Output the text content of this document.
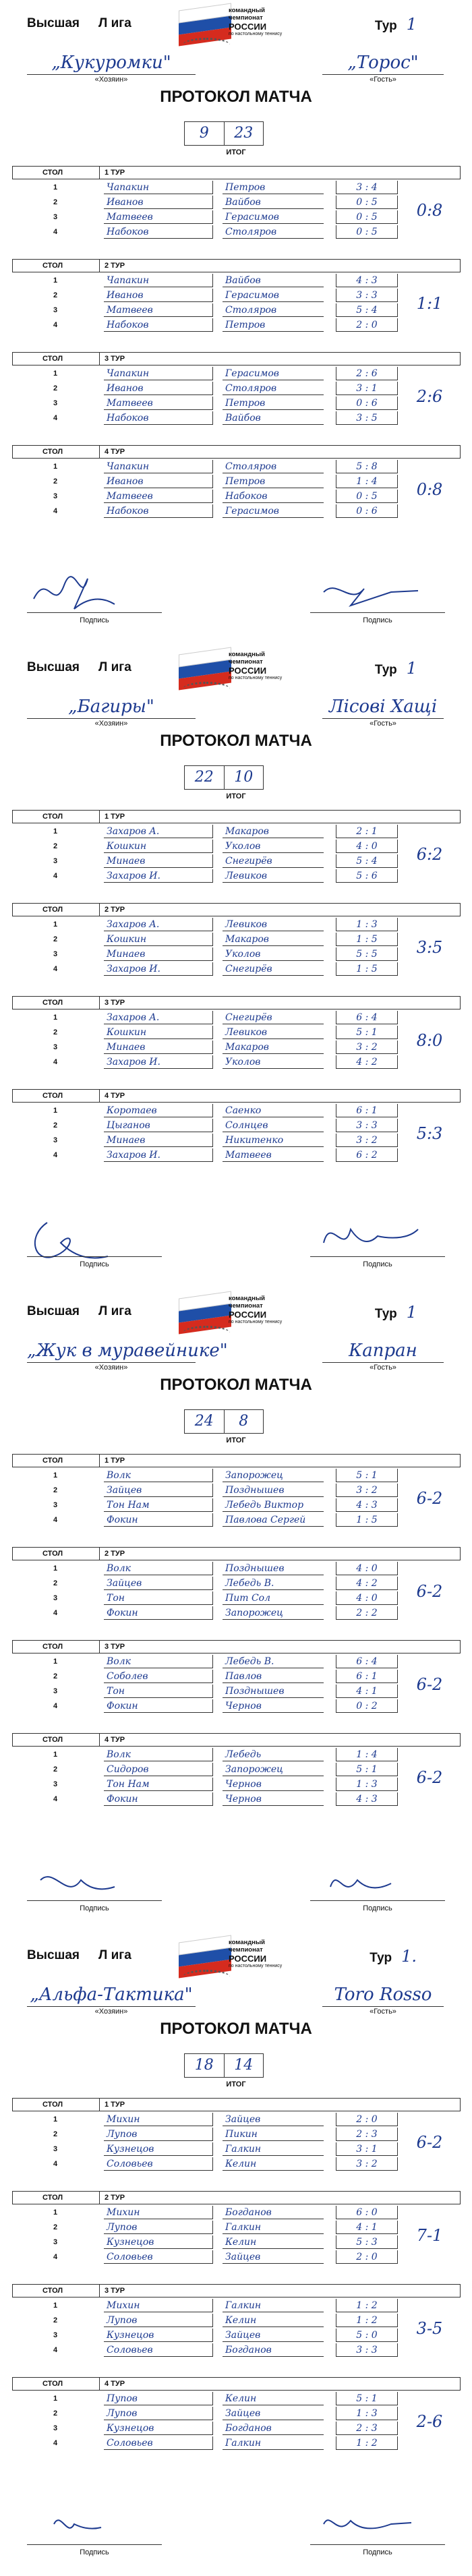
Высшая Л ига
командный
чемпионат
РОССИИ
по настольному теннису
Тур 1
„Кукуромки"
«Хозяин»
„Торос"
«Гость»
ПРОТОКОЛ МАТЧА
9	23
ИТОГ
СТОЛ	1 ТУР
1	Чапакин	Петров	3 : 4
2	Иванов	Вайбов	0 : 5
3	Матвеев	Герасимов	0 : 5
4	Набоков	Столяров	0 : 5
0:8
СТОЛ	2 ТУР
1	Чапакин	Вайбов	4 : 3
2	Иванов	Герасимов	3 : 3
3	Матвеев	Столяров	5 : 4
4	Набоков	Петров	2 : 0
1:1
СТОЛ	3 ТУР
1	Чапакин	Герасимов	2 : 6
2	Иванов	Столяров	3 : 1
3	Матвеев	Петров	0 : 6
4	Набоков	Вайбов	3 : 5
2:6
СТОЛ	4 ТУР
1	Чапакин	Столяров	5 : 8
2	Иванов	Петров	1 : 4
3	Матвеев	Набоков	0 : 5
4	Набоков	Герасимов	0 : 6
0:8
Подпись	Подпись
Высшая Л ига
командный
чемпионат
РОССИИ
по настольному теннису
Тур 1
„Багиры"
«Хозяин»
Лісові Хащі
«Гость»
ПРОТОКОЛ МАТЧА
22	10
ИТОГ
СТОЛ	1 ТУР
1	Захаров А.	Макаров	2 : 1
2	Кошкин	Уколов	4 : 0
3	Минаев	Снегирёв	5 : 4
4	Захаров И.	Левиков	5 : 6
6:2
СТОЛ	2 ТУР
1	Захаров А.	Левиков	1 : 3
2	Кошкин	Макаров	1 : 5
3	Минаев	Уколов	5 : 5
4	Захаров И.	Снегирёв	1 : 5
3:5
СТОЛ	3 ТУР
1	Захаров А.	Снегирёв	6 : 4
2	Кошкин	Левиков	5 : 1
3	Минаев	Макаров	3 : 2
4	Захаров И.	Уколов	4 : 2
8:0
СТОЛ	4 ТУР
1	Коротаев	Саенко	6 : 1
2	Цыганов	Солнцев	3 : 3
3	Минаев	Никитенко	3 : 2
4	Захаров И.	Матвеев	6 : 2
5:3
Подпись	Подпись
Высшая Л ига
командный
чемпионат
РОССИИ
по настольному теннису
Тур 1
„Жук в муравейнике"
«Хозяин»
Капран
«Гость»
ПРОТОКОЛ МАТЧА
24	8
ИТОГ
СТОЛ	1 ТУР
1	Волк	Запорожец	5 : 1
2	Зайцев	Позднышев	3 : 2
3	Тон Нам	Лебедь Виктор	4 : 3
4	Фокин	Павлова Сергей	1 : 5
6-2
СТОЛ	2 ТУР
1	Волк	Позднышев	4 : 0
2	Зайцев	Лебедь В.	4 : 2
3	Тон	Пит Сол	4 : 0
4	Фокин	Запорожец	2 : 2
6-2
СТОЛ	3 ТУР
1	Волк	Лебедь В.	6 : 4
2	Соболев	Павлов	6 : 1
3	Тон	Позднышев	4 : 1
4	Фокин	Чернов	0 : 2
6-2
СТОЛ	4 ТУР
1	Волк	Лебедь	1 : 4
2	Сидоров	Запорожец	5 : 1
3	Тон Нам	Чернов	1 : 3
4	Фокин	Чернов	4 : 3
6-2
Подпись	Подпись
Высшая Л ига
командный
чемпионат
РОССИИ
по настольному теннису
Тур 1.
„Альфа-Тактика"
«Хозяин»
Toro Rosso
«Гость»
ПРОТОКОЛ МАТЧА
18	14
ИТОГ
СТОЛ	1 ТУР
1	Михин	Зайцев	2 : 0
2	Лупов	Пикин	2 : 3
3	Кузнецов	Галкин	3 : 1
4	Соловьев	Келин	3 : 2
6-2
СТОЛ	2 ТУР
1	Михин	Богданов	6 : 0
2	Лупов	Галкин	4 : 1
3	Кузнецов	Келин	5 : 3
4	Соловьев	Зайцев	2 : 0
7-1
СТОЛ	3 ТУР
1	Михин	Галкин	1 : 2
2	Лупов	Келин	1 : 2
3	Кузнецов	Зайцев	5 : 0
4	Соловьев	Богданов	3 : 3
3-5
СТОЛ	4 ТУР
1	Пупов	Келин	5 : 1
2	Лупов	Зайцев	1 : 3
3	Кузнецов	Богданов	2 : 3
4	Соловьев	Галкин	1 : 2
2-6
Подпись	Подпись
